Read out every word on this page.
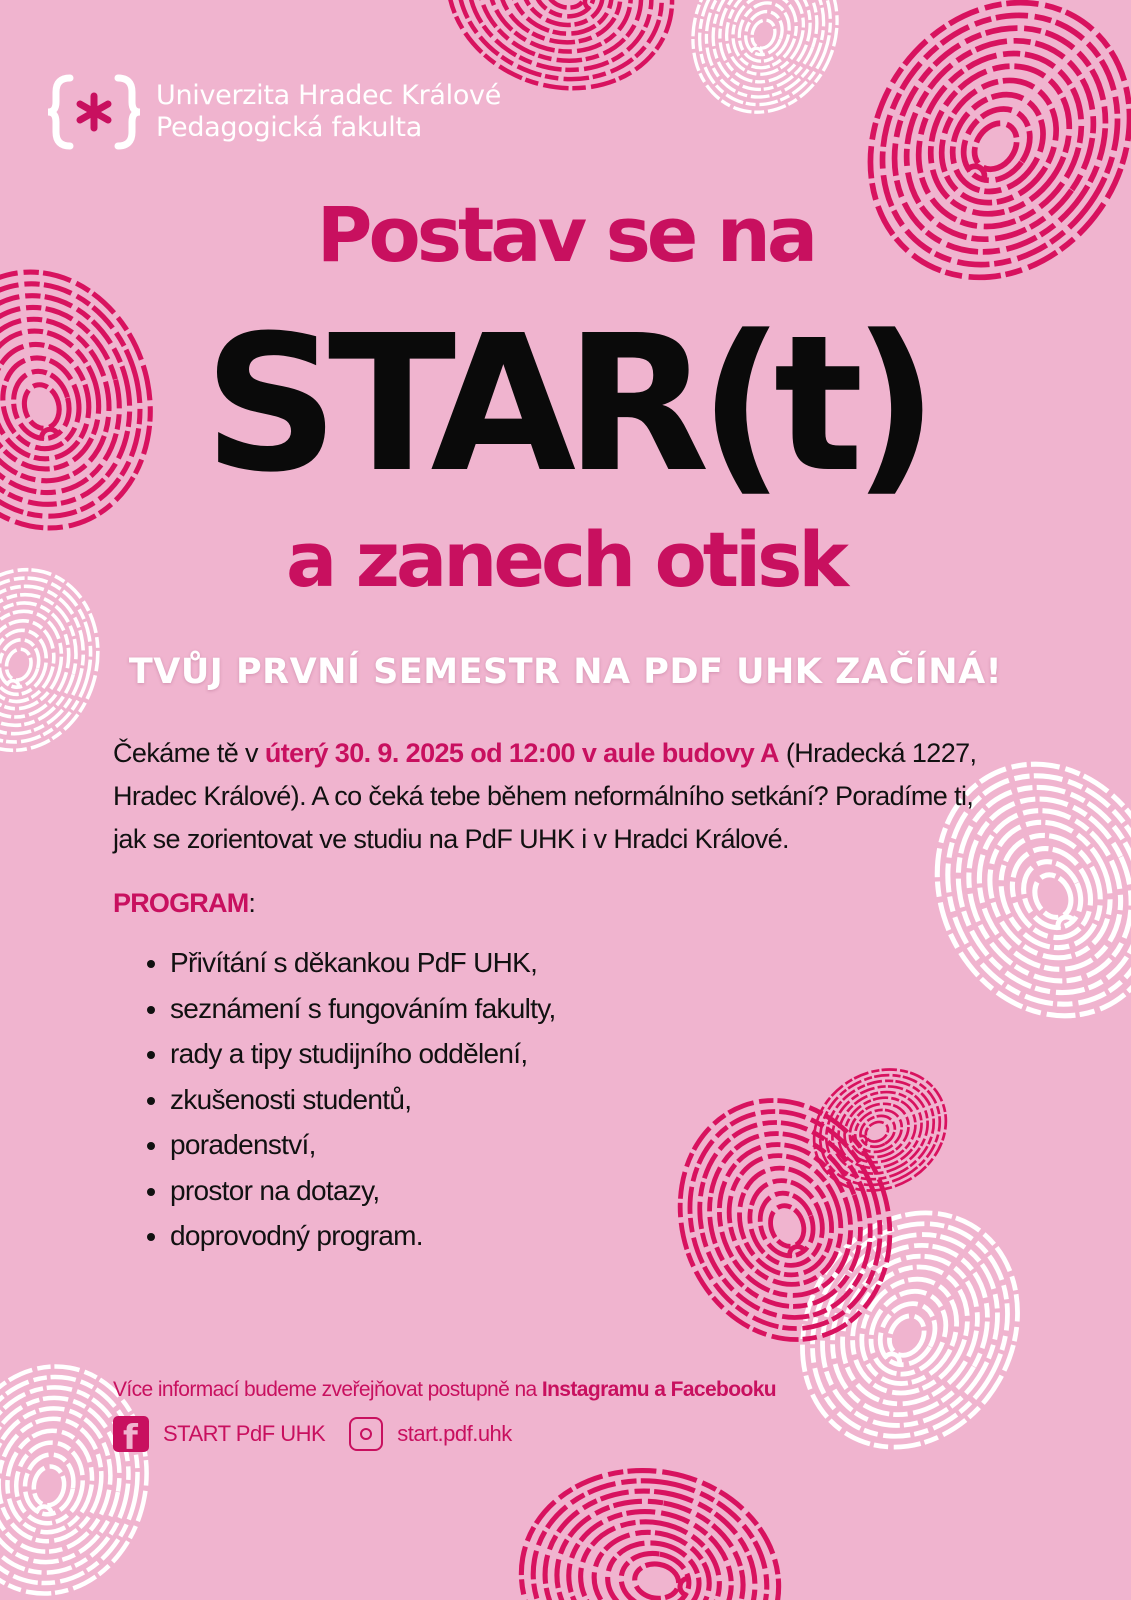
Univerzita Hradec Králové
Pedagogická fakulta
Postav se na
STAR(t)
a zanech otisk
TVŮJ PRVNÍ SEMESTR NA PDF UHK ZAČÍNÁ!
Čekáme tě v úterý 30. 9. 2025 od 12:00 v aule budovy A (Hradecká 1227, Hradec Králové). A co čeká tebe během neformálního setkání? Poradíme ti, jak se zorientovat ve studiu na PdF UHK i v Hradci Králové.
PROGRAM:
• Přivítání s děkankou PdF UHK,
• seznámení s fungováním fakulty,
• rady a tipy studijního oddělení,
• zkušenosti studentů,
• poradenství,
• prostor na dotazy,
• doprovodný program.
Více informací budeme zveřejňovat postupně na Instagramu a Facebooku
f START PdF UHK	start.pdf.uhk
